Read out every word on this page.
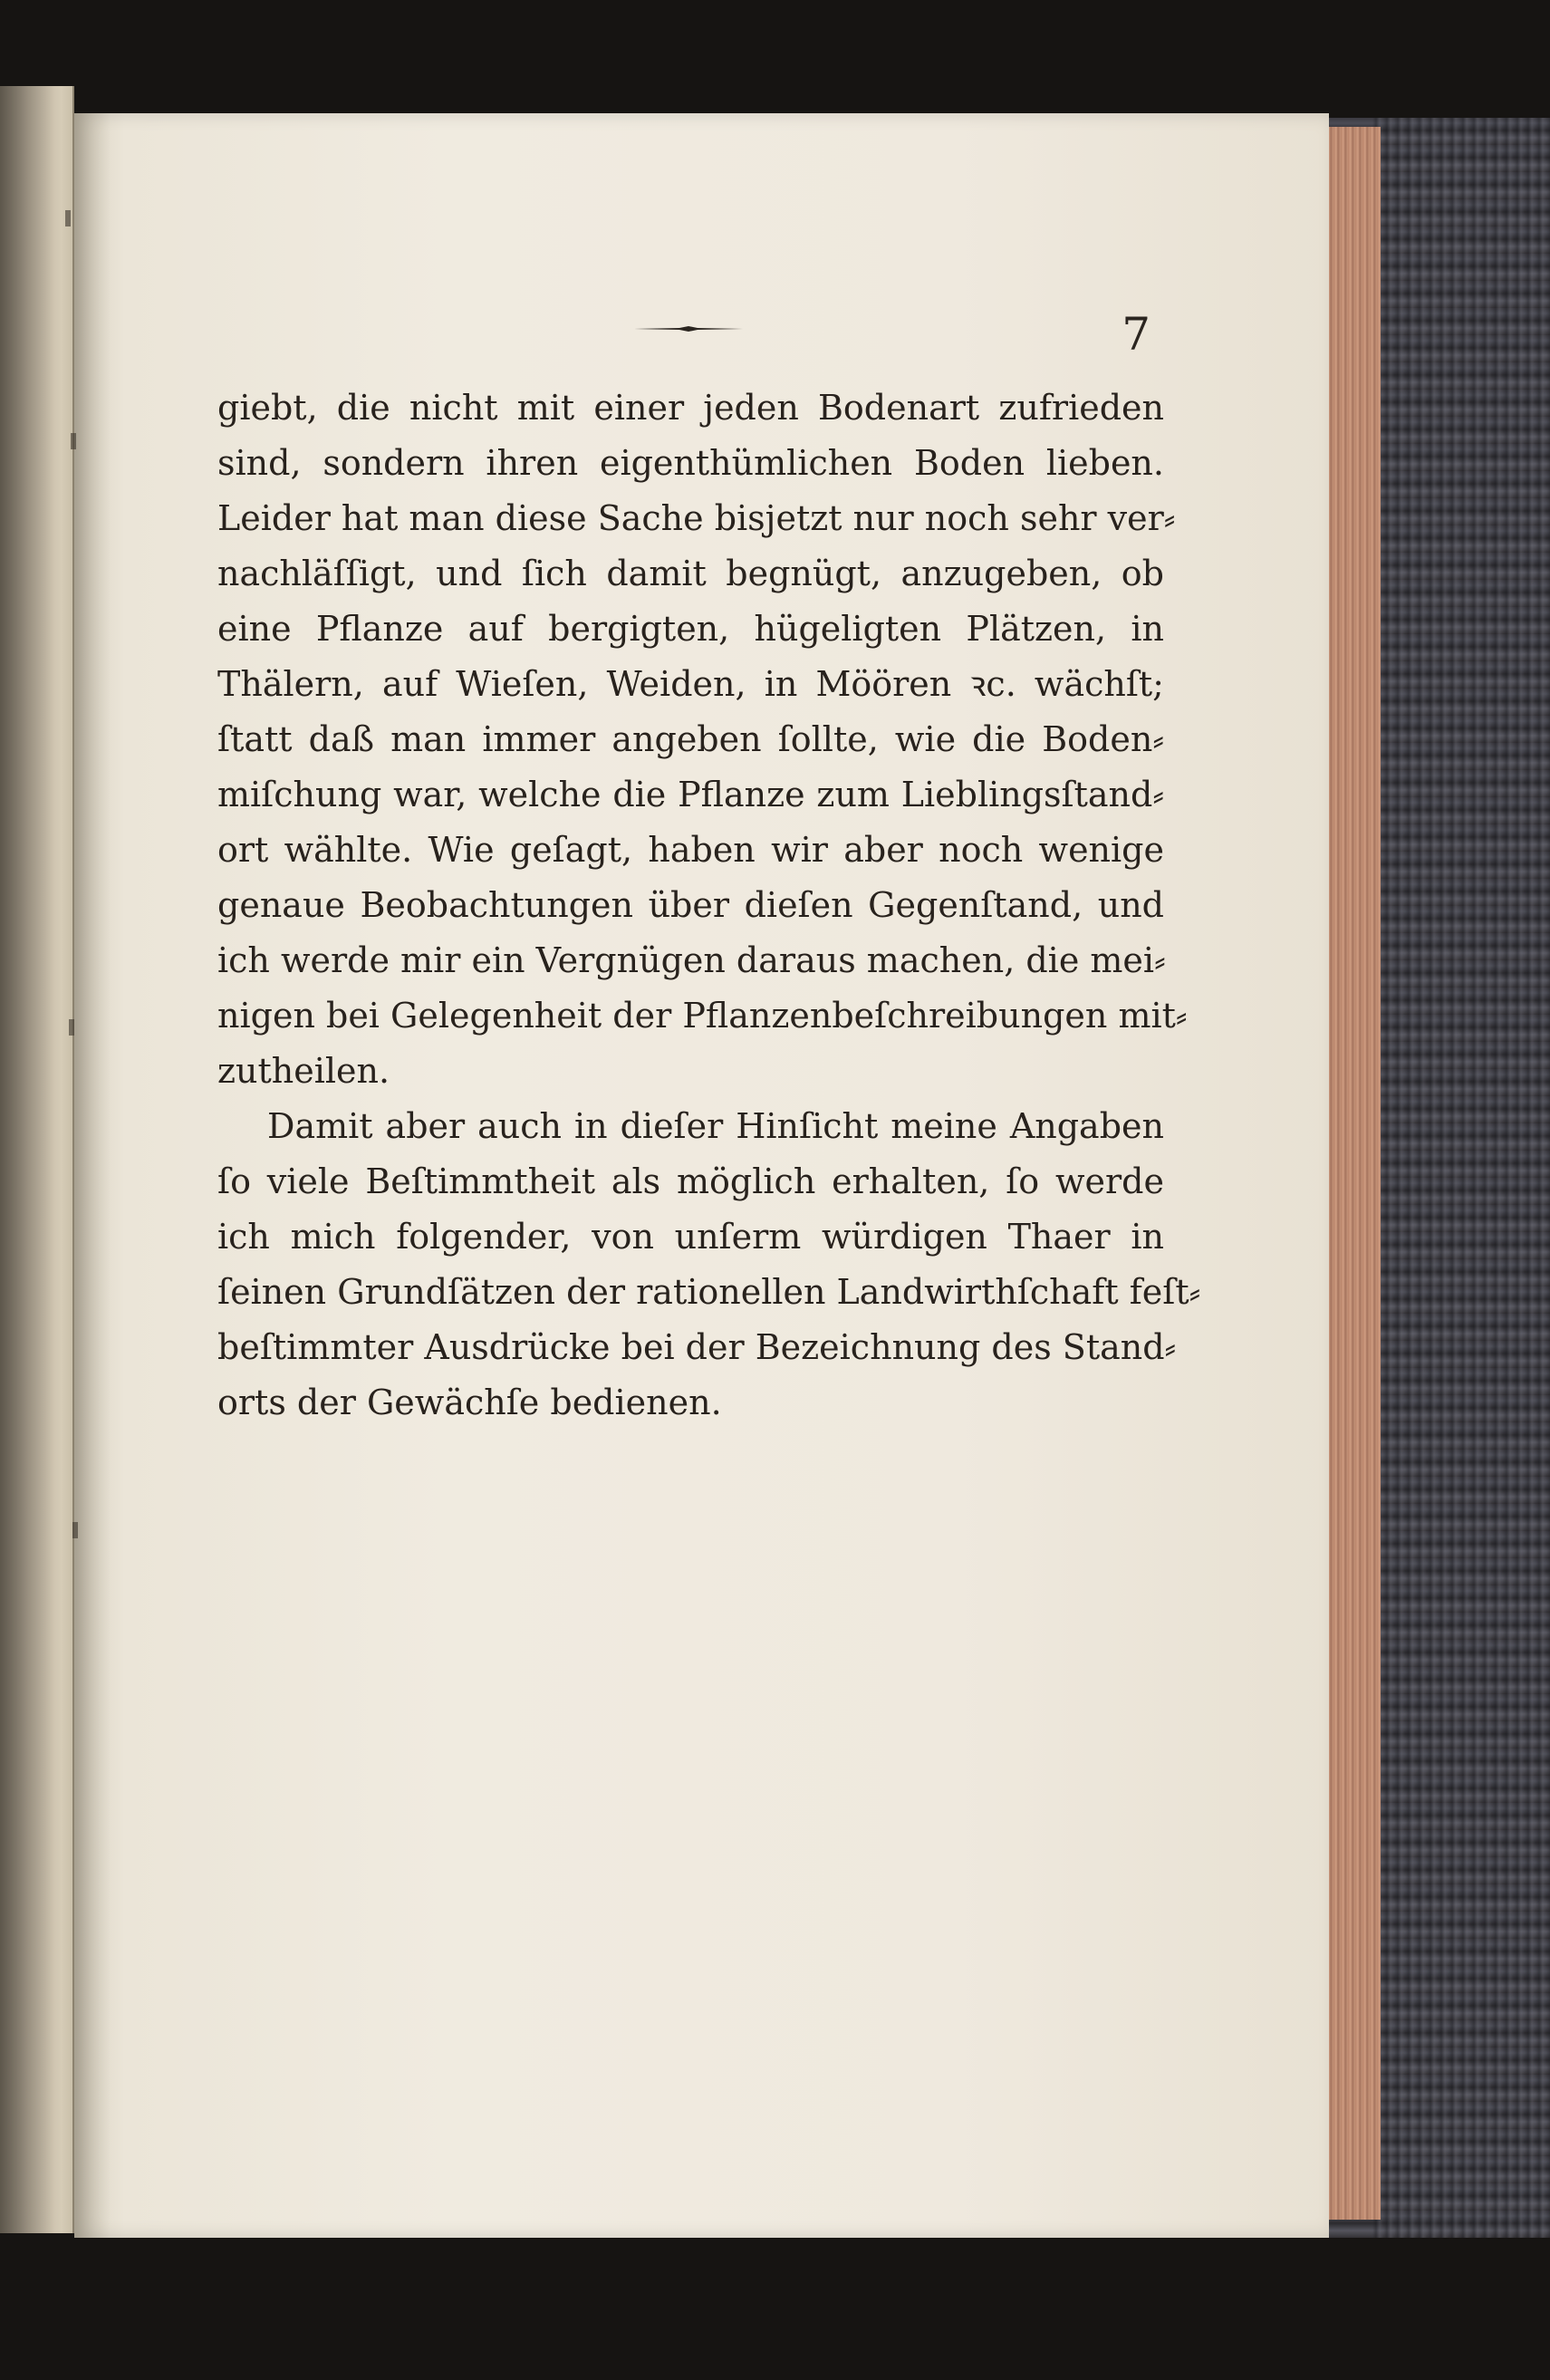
7
giebt, die nicht mit einer jeden Bodenart zufrieden
sind, sondern ihren eigenthümlichen Boden lieben.
Leider hat man diese Sache bisjetzt nur noch sehr ver⸗
nachläſſigt, und ſich damit begnügt, anzugeben, ob
eine Pflanze auf bergigten, hügeligten Plätzen, in
Thälern, auf Wieſen, Weiden, in Möören ꝛc. wächſt;
ſtatt daß man immer angeben ſollte, wie die Boden⸗
miſchung war, welche die Pflanze zum Lieblingsſtand⸗
ort wählte. Wie geſagt, haben wir aber noch wenige
genaue Beobachtungen über dieſen Gegenſtand, und
ich werde mir ein Vergnügen daraus machen, die mei⸗
nigen bei Gelegenheit der Pflanzenbeſchreibungen mit⸗
zutheilen.
Damit aber auch in dieſer Hinſicht meine Angaben
ſo viele Beſtimmtheit als möglich erhalten, ſo werde
ich mich folgender, von unſerm würdigen Thaer in
ſeinen Grundſätzen der rationellen Landwirthſchaft feſt⸗
beſtimmter Ausdrücke bei der Bezeichnung des Stand⸗
orts der Gewächſe bedienen.
